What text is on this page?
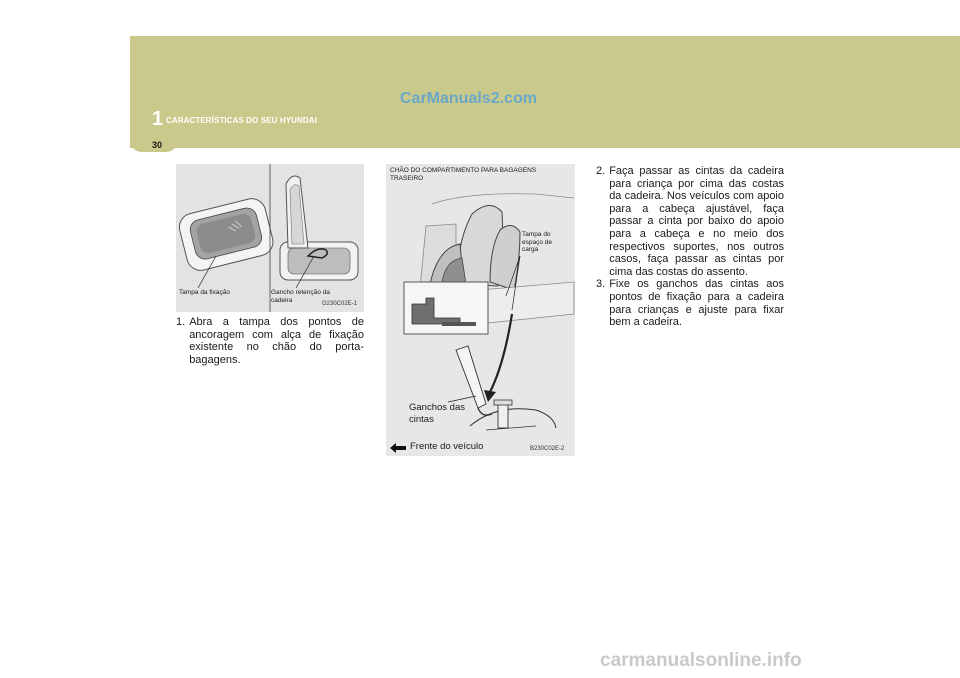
1 CARACTERÍSTICAS DO SEU HYUNDAI
CarManuals2.com
30
Tampa da fixação	Gancho retenção da cadeira
G230C02E-1
CHÃO DO COMPARTIMENTO PARA BAGAGENS TRASEIRO
Tampa do espaço de carga
Ganchos das cintas
Frente do veículo	B230C02E-2
1. Abra a tampa dos pontos de ancoragem com alça de fixação existente no chão do porta-bagagens.
2. Faça passar as cintas da cadeira para criança por cima das costas da cadeira. Nos veículos com apoio para a cabeça ajustável, faça passar a cinta por baixo do apoio para a cabeça e no meio dos respectivos suportes, nos outros casos, faça passar as cintas por cima das costas do assento.
3. Fixe os ganchos das cintas aos pontos de fixação para a cadeira para crianças e ajuste para fixar bem a cadeira.
carmanualsonline.info
